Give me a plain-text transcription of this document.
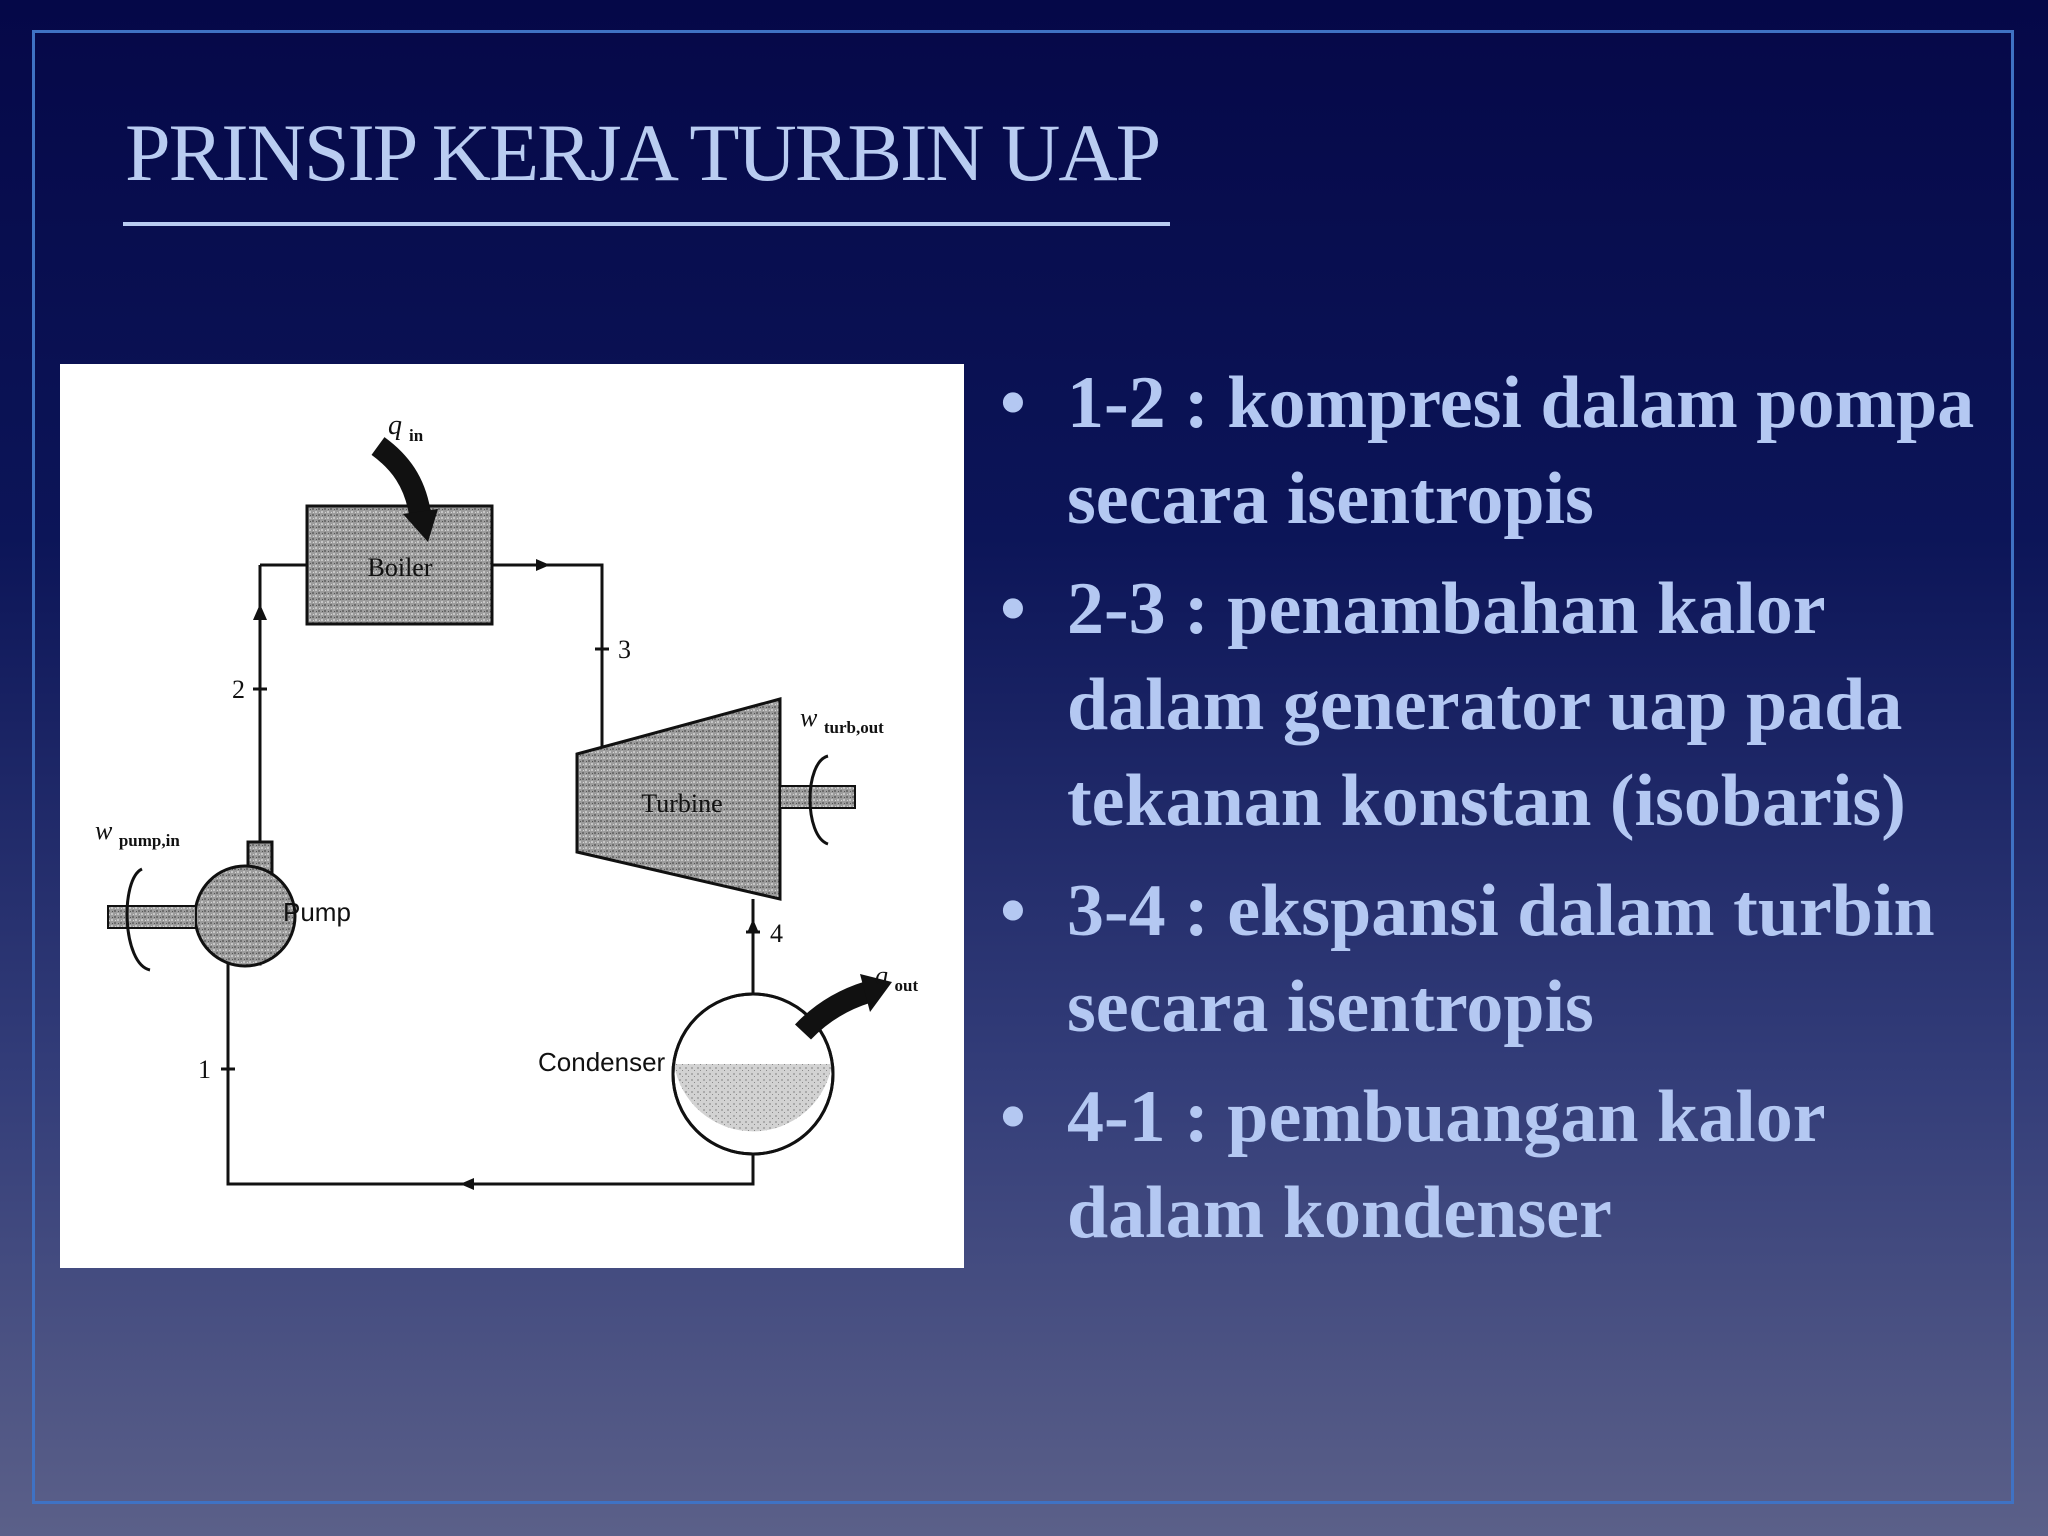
PRINSIP KERJA TURBIN UAP
Boiler
q $_{in}$
Turbine
w $_{turb,out}$
Pump
w $_{pump,in}$
Condenser
q $_{out}$
1
2
3
4
• 1-2 : kompresi dalam pompa secara isentropis
• 2-3 : penambahan kalor dalam generator uap pada tekanan konstan (isobaris)
• 3-4 : ekspansi dalam turbin secara isentropis
• 4-1 : pembuangan kalor dalam kondenser
